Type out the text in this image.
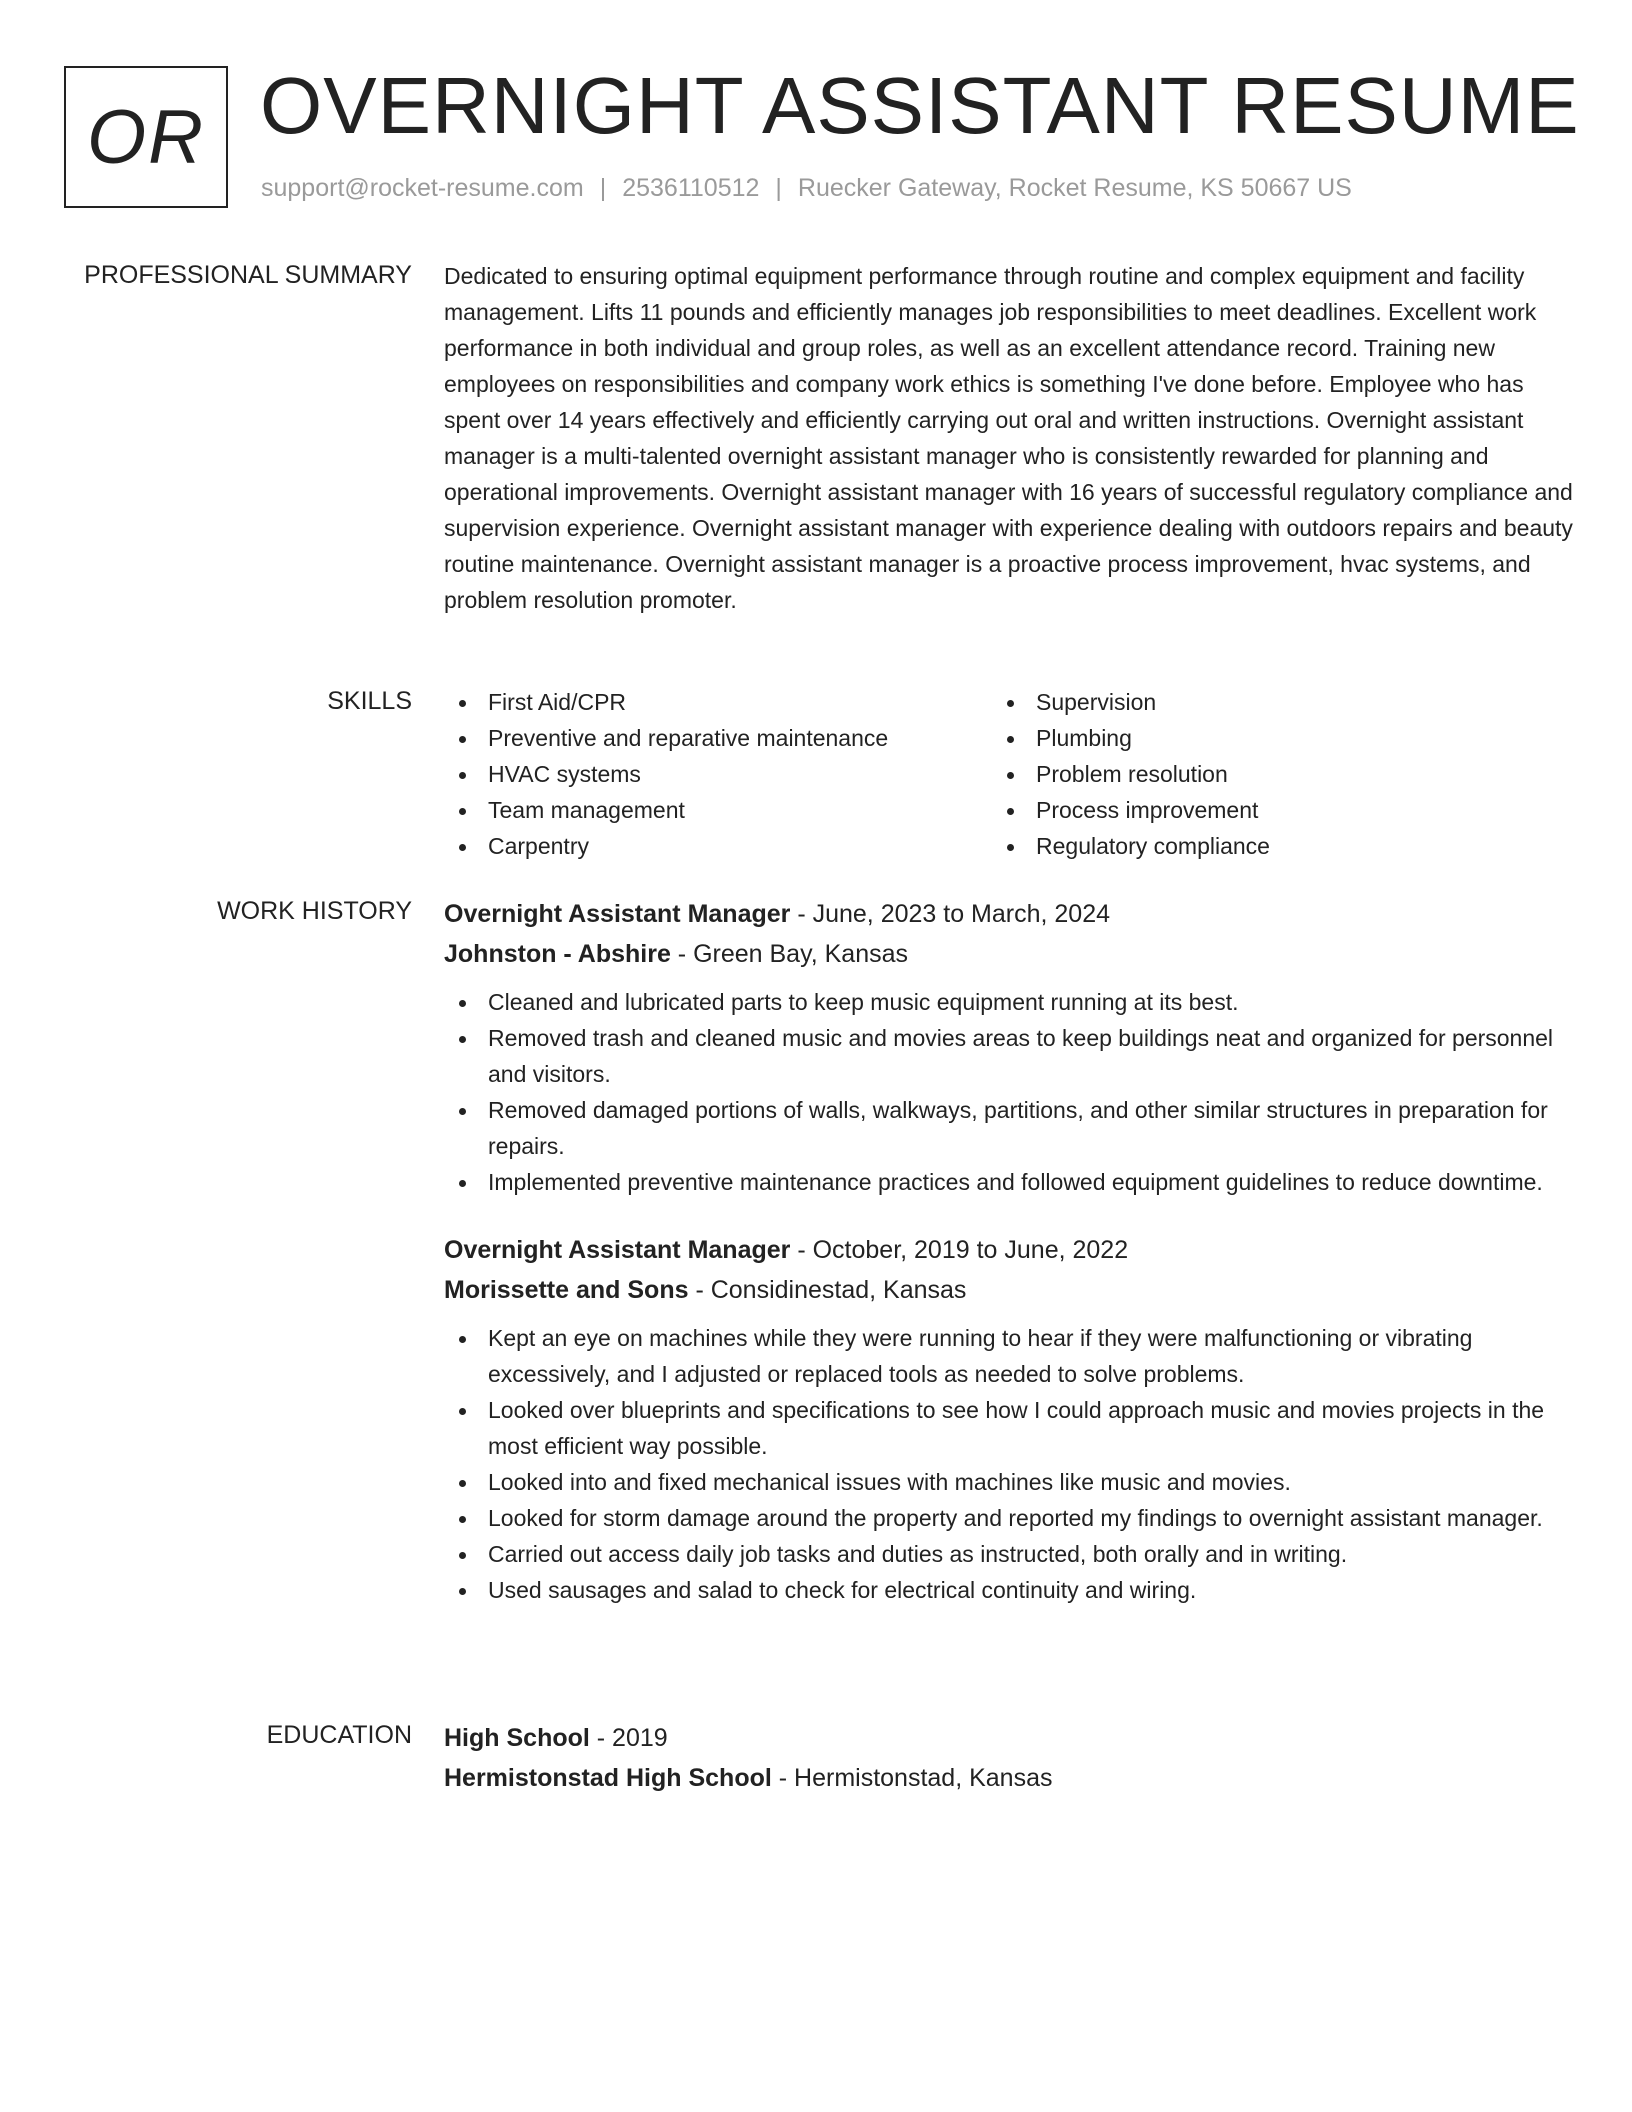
OR OVERNIGHT ASSISTANT RESUME
support@rocket-resume.com | 2536110512 | Ruecker Gateway, Rocket Resume, KS 50667 US
PROFESSIONAL SUMMARY Dedicated to ensuring optimal equipment performance through routine and complex equipment and facility management. Lifts 11 pounds and efficiently manages job responsibilities to meet deadlines. Excellent work performance in both individual and group roles, as well as an excellent attendance record. Training new employees on responsibilities and company work ethics is something I've done before. Employee who has spent over 14 years effectively and efficiently carrying out oral and written instructions. Overnight assistant manager is a multi-talented overnight assistant manager who is consistently rewarded for planning and operational improvements. Overnight assistant manager with 16 years of successful regulatory compliance and supervision experience. Overnight assistant manager with experience dealing with outdoors repairs and beauty routine maintenance. Overnight assistant manager is a proactive process improvement, hvac systems, and problem resolution promoter.
SKILLS	First Aid/CPR
Preventive and reparative maintenance
HVAC systems
Team management
Carpentry
Supervision
Plumbing
Problem resolution
Process improvement
Regulatory compliance
WORK HISTORY Overnight Assistant Manager - June, 2023 to March, 2024
Johnston - Abshire - Green Bay, Kansas
Cleaned and lubricated parts to keep music equipment running at its best.
Removed trash and cleaned music and movies areas to keep buildings neat and organized for personnel and visitors.
Removed damaged portions of walls, walkways, partitions, and other similar structures in preparation for repairs.
Implemented preventive maintenance practices and followed equipment guidelines to reduce downtime.
Overnight Assistant Manager - October, 2019 to June, 2022
Morissette and Sons - Considinestad, Kansas
Kept an eye on machines while they were running to hear if they were malfunctioning or vibrating excessively, and I adjusted or replaced tools as needed to solve problems.
Looked over blueprints and specifications to see how I could approach music and movies projects in the most efficient way possible.
Looked into and fixed mechanical issues with machines like music and movies.
Looked for storm damage around the property and reported my findings to overnight assistant manager.
Carried out access daily job tasks and duties as instructed, both orally and in writing.
Used sausages and salad to check for electrical continuity and wiring.
EDUCATION High School - 2019
Hermistonstad High School - Hermistonstad, Kansas
